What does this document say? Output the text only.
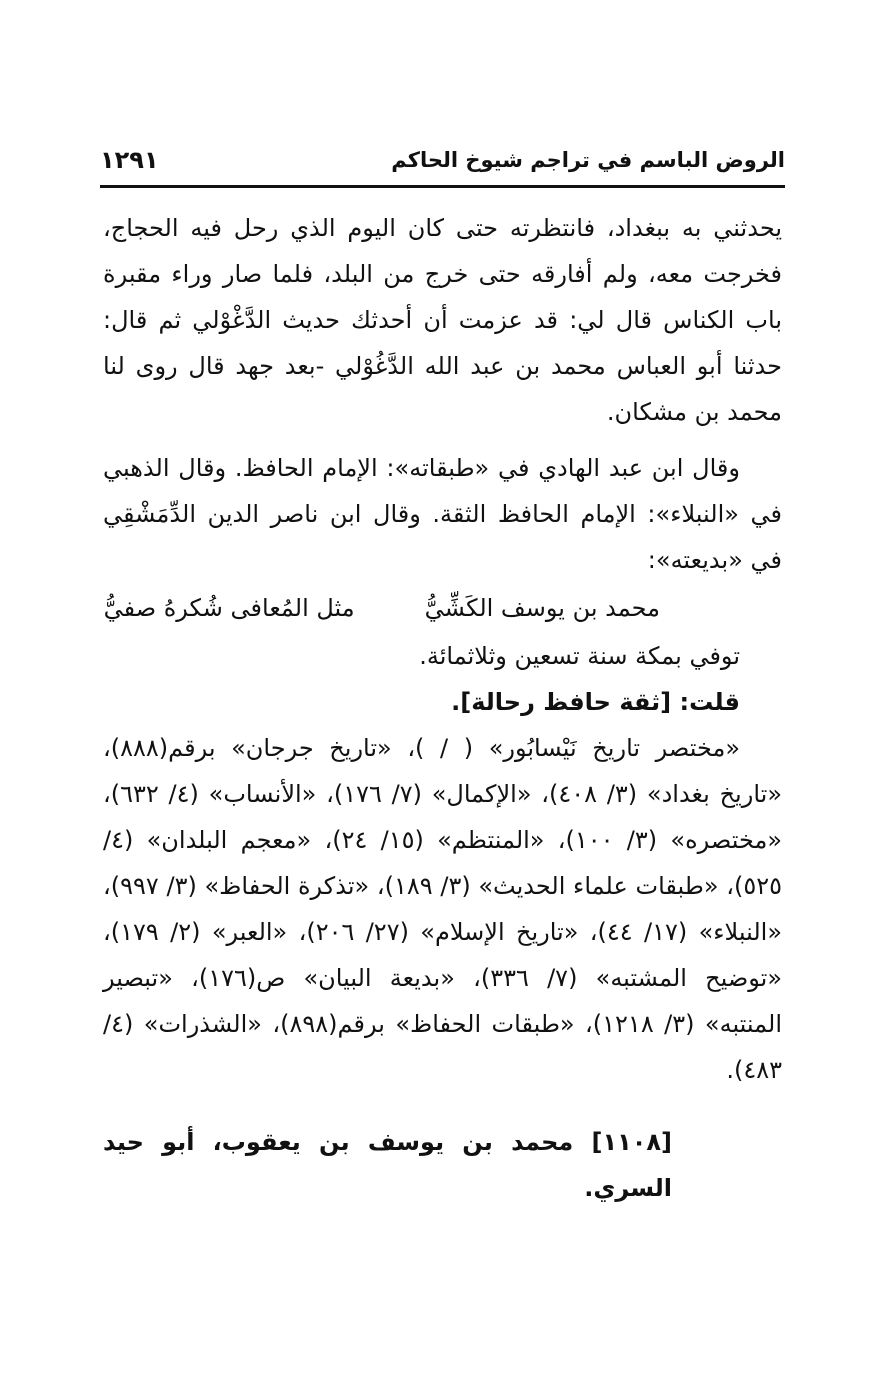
الروض الباسم في تراجم شيوخ الحاكم
١٢٩١

يحدثني به ببغداد، فانتظرته حتى كان اليوم الذي رحل فيه الحجاج، فخرجت معه، ولم أفارقه حتى خرج من البلد، فلما صار وراء مقبرة باب الكناس قال لي: قد عزمت أن أحدثك حديث الدَّغْوْلي ثم قال: حدثنا أبو العباس محمد بن عبد الله الدَّغُوْلي -بعد جهد قال روى لنا محمد بن مشكان.

وقال ابن عبد الهادي في «طبقاته»: الإمام الحافظ. وقال الذهبي في «النبلاء»: الإمام الحافظ الثقة. وقال ابن ناصر الدين الدِّمَشْقِي في «بديعته»:

محمد بن يوسف الكَشِّيُّ
مثل المُعافى شُكرهُ صفيُّ

توفي بمكة سنة تسعين وثلاثمائة.

قلت: [ثقة حافظ رحالة].

«مختصر تاريخ نَيْسابُور» ( / )، «تاريخ جرجان» برقم(٨٨٨)، «تاريخ بغداد» (٣/ ٤٠٨)، «الإكمال» (٧/ ١٧٦)، «الأنساب» (٤/ ٦٣٢)، «مختصره» (٣/ ١٠٠)، «المنتظم» (١٥/ ٢٤)، «معجم البلدان» (٤/ ٥٢٥)، «طبقات علماء الحديث» (٣/ ١٨٩)، «تذكرة الحفاظ» (٣/ ٩٩٧)، «النبلاء» (١٧/ ٤٤)، «تاريخ الإسلام» (٢٧/ ٢٠٦)، «العبر» (٢/ ١٧٩)، «توضيح المشتبه» (٧/ ٣٣٦)، «بديعة البيان» ص(١٧٦)، «تبصير المنتبه» (٣/ ١٢١٨)، «طبقات الحفاظ» برقم(٨٩٨)، «الشذرات» (٤/ ٤٨٣).

[١١٠٨] محمد بن يوسف بن يعقوب، أبو حيد السري.
